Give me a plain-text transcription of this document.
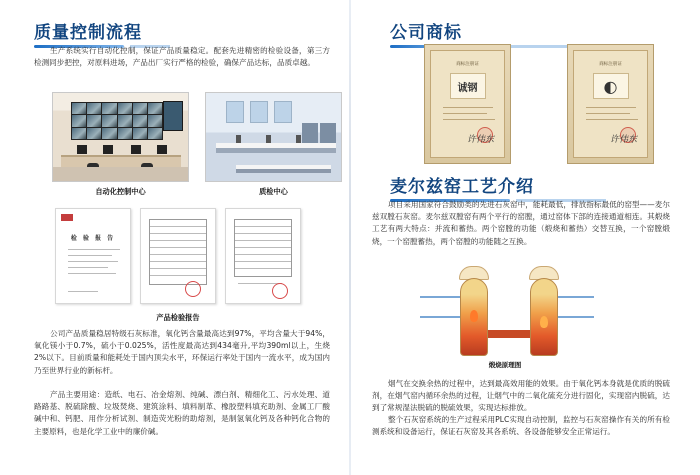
质量控制流程
生产系统实行自动化控制，保证产品质量稳定。配套先进精密的检验设备，第三方检测同步把控，对原料进场，产品出厂实行严格的检验，确保产品达标，品质卓越。
自动化控制中心	质检中心
检 验 报 告
产品检验报告
公司产品质量稳居特级石灰标准，氧化钙含量最高达到97%，平均含量大于94%，氧化镁小于0.7%，硫小于0.025%，活性度最高达到434毫升,平均390ml以上，生烧2%以下。目前质量和能耗处于国内顶尖水平，环保运行率处于国内一流水平，成为国内乃至世界行业的新标杆。
产品主要用途：造纸、电石、冶金熔剂、纯碱、漂白剂、精细化工、污水处理、道路路基、脱硫除酸、垃圾焚烧、建筑涂料、填料制革、橡胶塑料填充助剂、金属工厂酸碱中和、钙肥、用作分析试剂、制造荧光粉的助熔剂，是制氢氧化钙及各种钙化合物的主要原料，也是化学工业中的廉价碱。
公司商标
商标注册证
诚钢
许伟东
商标注册证
◐
许伟东
麦尔兹窑工艺介绍
项目采用国家符合鼓励类的先进石灰窑中，能耗最低，排放指标最低的窑型——麦尔兹双膛石灰窑。麦尔兹双膛窑有两个平行的窑膛，通过窑体下部的连接通道相连。其煅烧工艺有两大特点：并流和蓄热。两个窑膛的功能（煅烧和蓄热）交替互换，一个窑膛煅烧，一个窑膛蓄热，两个窑膛的功能随之互换。
煅烧原理图
烟气在交换余热的过程中，达到最高效用能的效果。由于氧化钙本身就是优质的脱硫剂，在烟气窑内循环余热的过程，让烟气中的二氧化硫充分进行固化，实现窑内脱硫，达到了常规湿法脱硫的脱硫效果，实现达标排放。
整个石灰窑系统的生产过程采用PLC实现自动控制，监控与石灰窑操作有关的所有检测系统和设备运行，保证石灰窑及其各系统、各设备能够安全正常运行。
